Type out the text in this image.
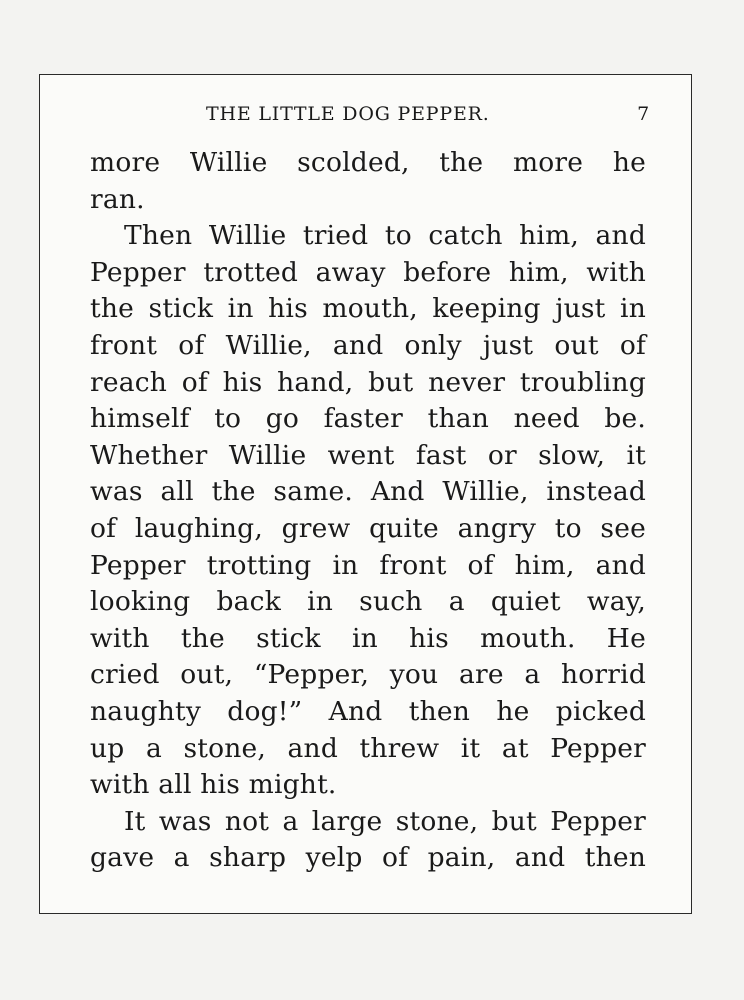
THE LITTLE DOG PEPPER.	7
more Willie scolded, the more he
ran.
Then Willie tried to catch him, and
Pepper trotted away before him, with
the stick in his mouth, keeping just in
front of Willie, and only just out of
reach of his hand, but never troubling
himself to go faster than need be.
Whether Willie went fast or slow, it
was all the same. And Willie, instead
of laughing, grew quite angry to see
Pepper trotting in front of him, and
looking back in such a quiet way,
with the stick in his mouth. He
cried out, “Pepper, you are a horrid
naughty dog!” And then he picked
up a stone, and threw it at Pepper
with all his might.
It was not a large stone, but Pepper
gave a sharp yelp of pain, and then
